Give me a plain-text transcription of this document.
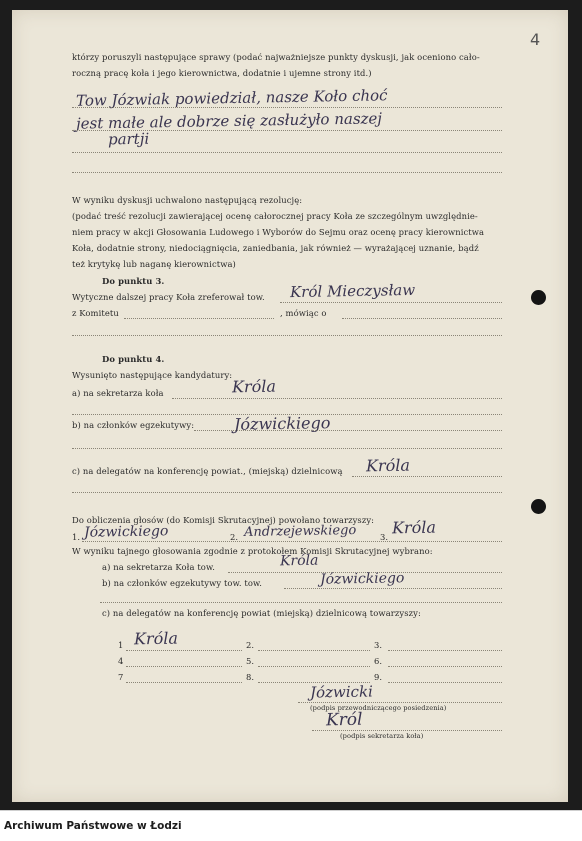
4
którzy poruszyli następujące sprawy (podać najważniejsze punkty dyskusji, jak oceniono cało-
roczną pracę koła i jego kierownictwa, dodatnie i ujemne strony itd.)
Tow Józwiak powiedział, nasze Koło choć
jest małe ale dobrze się zasłużyło naszej
partji
W wyniku dyskusji uchwalono następującą rezolucję:
(podać treść rezolucji zawierającej ocenę całorocznej pracy Koła ze szczególnym uwzględnie-
niem pracy w akcji Głosowania Ludowego i Wyborów do Sejmu oraz ocenę pracy kierownictwa
Koła, dodatnie strony, niedociągnięcia, zaniedbania, jak również — wyrażającej uznanie, bądź
też krytykę lub naganę kierownictwa)
Do punktu 3.
Wytyczne dalszej pracy Koła zreferował tow. Król Mieczysław
z Komitetu	, mówiąc o
Do punktu 4.
Wysunięto następujące kandydatury:
a) na sekretarza koła	Króla
b) na członków egzekutywy: Józwickiego
c) na delegatów na konferencję powiat., (miejską) dzielnicową Króla
Do obliczenia głosów (do Komisji Skrutacyjnej) powołano towarzyszy:
1. Józwickiego	2. Andrzejewskiego	3. Króla
W wyniku tajnego głosowania zgodnie z protokołem Komisji Skrutacyjnej wybrano:
a) na sekretarza Koła tow.	Króla
b) na członków egzekutywy tow. tow.	Józwickiego
c) na delegatów na konferencję powiat (miejską) dzielnicową towarzyszy:
1 Króla	2.	3.
4	5.	6.
7	8.	9.
Józwicki
(podpis przewodniczącego posiedzenia)
Król
(podpis sekretarza koła)
Archiwum Państwowe w Łodzi
